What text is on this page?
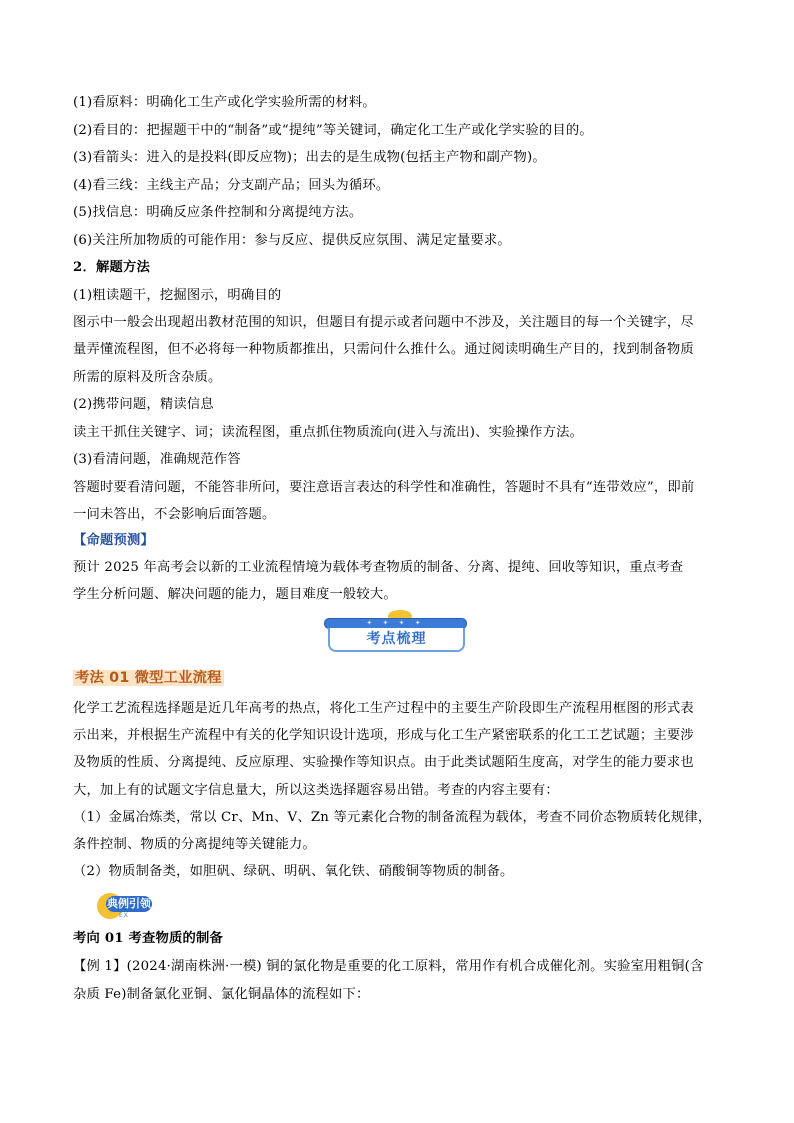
(1)看原料：明确化工生产或化学实验所需的材料。
(2)看目的：把握题干中的“制备”或“提纯”等关键词，确定化工生产或化学实验的目的。
(3)看箭头：进入的是投料(即反应物)；出去的是生成物(包括主产物和副产物)。
(4)看三线：主线主产品；分支副产品；回头为循环。
(5)找信息：明确反应条件控制和分离提纯方法。
(6)关注所加物质的可能作用：参与反应、提供反应氛围、满足定量要求。
2．解题方法
(1)粗读题干，挖掘图示，明确目的
图示中一般会出现超出教材范围的知识，但题目有提示或者问题中不涉及，关注题目的每一个关键字，尽
量弄懂流程图，但不必将每一种物质都推出，只需问什么推什么。通过阅读明确生产目的，找到制备物质
所需的原料及所含杂质。
(2)携带问题，精读信息
读主干抓住关键字、词；读流程图，重点抓住物质流向(进入与流出)、实验操作方法。
(3)看清问题，准确规范作答
答题时要看清问题，不能答非所问，要注意语言表达的科学性和准确性，答题时不具有“连带效应”，即前
一问未答出，不会影响后面答题。
【命题预测】
预计 2025 年高考会以新的工业流程情境为载体考查物质的制备、分离、提纯、回收等知识，重点考查
学生分析问题、解决问题的能力，题目难度一般较大。
✦ ✦ ✦ ✦
考点梳理
考法 01 微型工业流程
化学工艺流程选择题是近几年高考的热点，将化工生产过程中的主要生产阶段即生产流程用框图的形式表
示出来，并根据生产流程中有关的化学知识设计选项，形成与化工生产紧密联系的化工工艺试题；主要涉
及物质的性质、分离提纯、反应原理、实验操作等知识点。由于此类试题陌生度高，对学生的能力要求也
大，加上有的试题文字信息量大，所以这类选择题容易出错。考查的内容主要有：
（1）金属冶炼类，常以 Cr、Mn、V、Zn 等元素化合物的制备流程为载体，考查不同价态物质转化规律，
条件控制、物质的分离提纯等关键能力。
（2）物质制备类，如胆矾、绿矾、明矾、氧化铁、硝酸铜等物质的制备。
典例引领
EX
考向 01 考查物质的制备
【例 1】(2024·湖南株洲·一模) 铜的氯化物是重要的化工原料，常用作有机合成催化剂。实验室用粗铜(含
杂质 Fe)制备氯化亚铜、氯化铜晶体的流程如下：
